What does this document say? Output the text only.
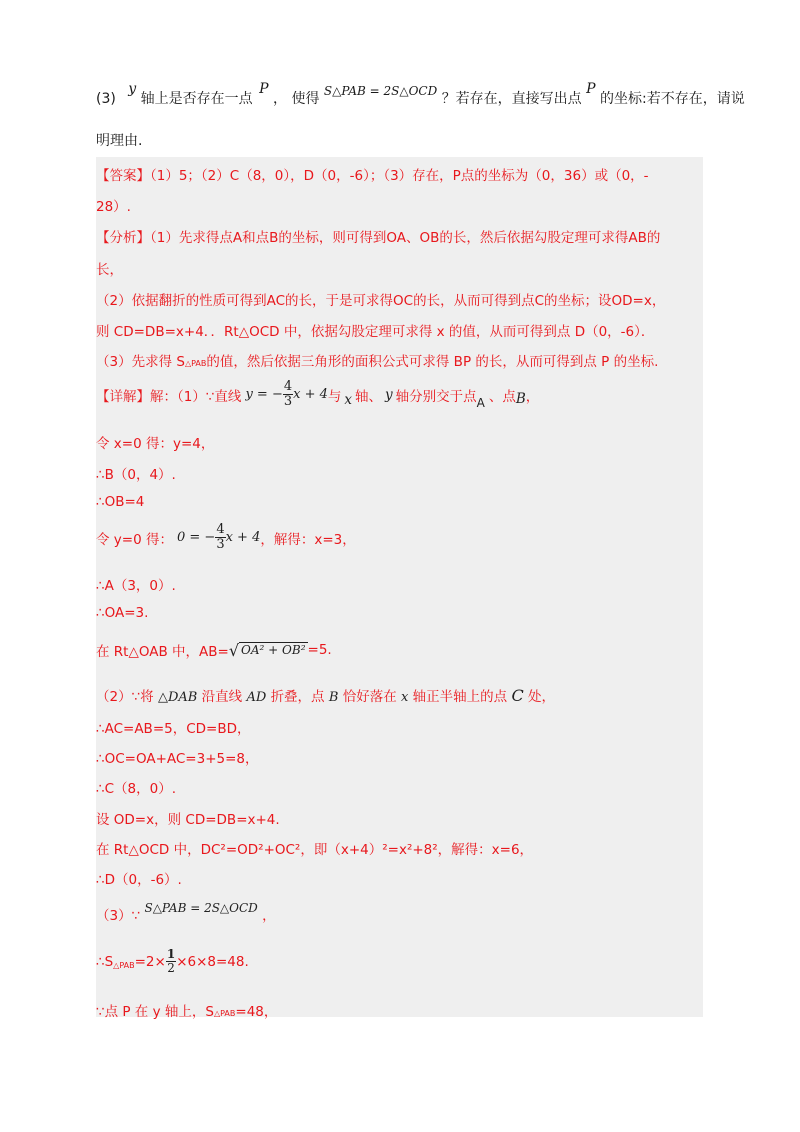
(3) y 轴上是否存在一点 P ， 使得 S△PAB = 2S△OCD ？若存在，直接写出点 P 的坐标:若不存在，请说
明理由.
【答案】（1）5；（2）C（8，0），D（0，-6）；（3）存在，P点的坐标为（0，36）或（0，-
28）.
【分析】（1）先求得点A和点B的坐标，则可得到OA、OB的长，然后依据勾股定理可求得AB的
长，
（2）依据翻折的性质可得到AC的长，于是可求得OC的长，从而可得到点C的坐标；设OD=x，
则 CD=DB=x+4．．Rt△OCD 中，依据勾股定理可求得 x 的值，从而可得到点 D（0，-6）．
（3）先求得 S△PAB的值，然后依据三角形的面积公式可求得 BP 的长，从而可得到点 P 的坐标.
【详解】解：（1）∵直线 y = − $\frac{4}{3}$ x + 4 与 x 轴、 y 轴分别交于点 A 、点 B ，
令 x=0 得：y=4，
∴B（0，4）.
∴OB=4
令 y=0 得： 0 = − $\frac{4}{3}$ x + 4 ，解得：x=3，
∴A（3，0）.
∴OA=3.
在 Rt△OAB 中，AB= √ OA² + OB² =5.
（2）∵将 △DAB 沿直线 AD 折叠，点 B 恰好落在 x 轴正半轴上的点 C 处，
∴AC=AB=5，CD=BD，
∴OC=OA+AC=3+5=8，
∴C（8，0）.
设 OD=x，则 CD=DB=x+4.
在 Rt△OCD 中，DC²=OD²+OC²，即（x+4）²=x²+8²，解得：x=6，
∴D（0，-6）.
（3）∵ S△PAB = 2S△OCD ，
∴S △PAB $=2\times \frac{1}{2} \times 6\times 8=48$.
∵点 P 在 y 轴上，S△PAB=48，
